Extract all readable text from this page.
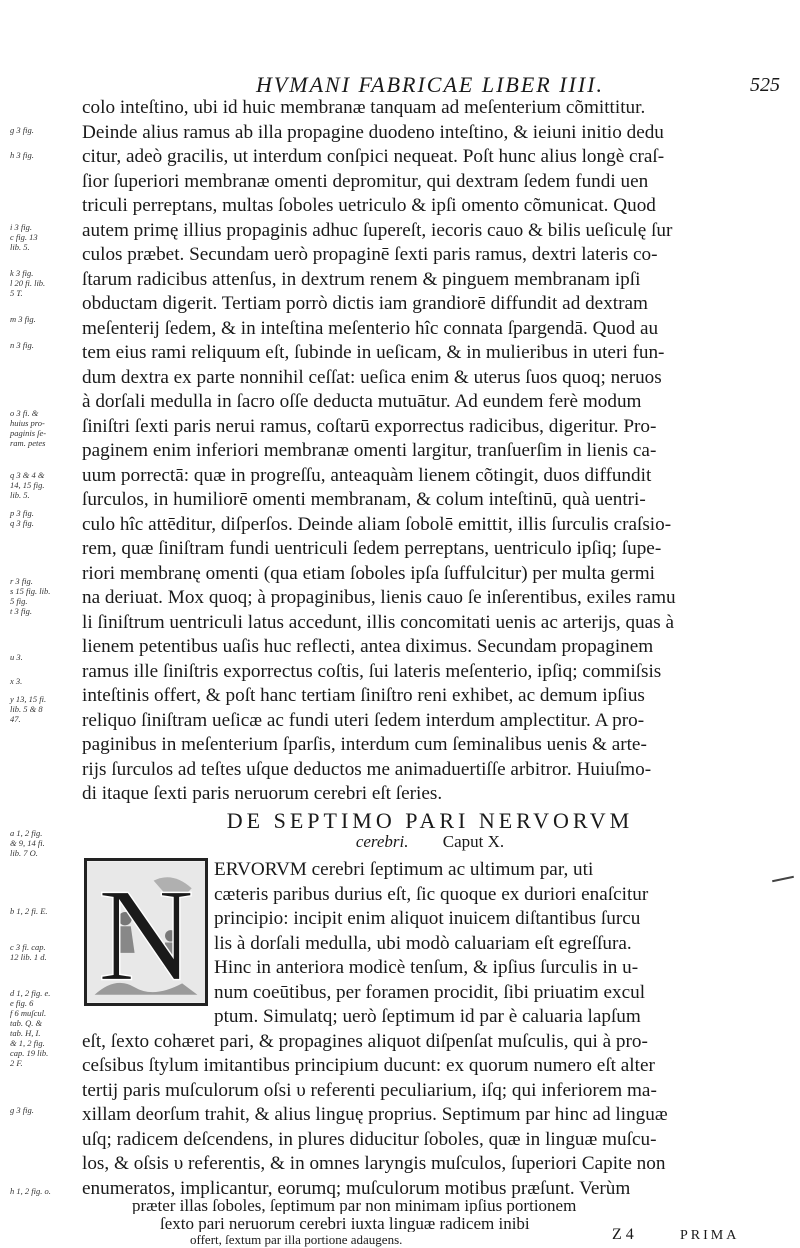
HVMANI FABRICAE LIBER IIII.	525
g 3 fig.
h 3 fig.
i 3 fig.
c fig. 13
lib. 5.
k 3 fig.
l 20 fi. lib.
5 T.
m 3 fig.
n 3 fig.
o 3 fi. &
huius pro-
paginis ſe-
ram. petes
q 3 & 4 &
14, 15 fig.
lib. 5.
p 3 fig.
q 3 fig.
r 3 fig.
s 15 fig. lib.
5 fig.
t 3 fig.
u 3.
x 3.
y 13, 15 fi.
lib. 5 & 8
47.
a 1, 2 fig.
& 9, 14 fi.
lib. 7 O.
b 1, 2 fi. E.
c 3 fi. cap.
12 lib. 1 d.
d 1, 2 fig. e.
e fig. 6
f 6 muſcul.
tab. Q. &
tab. H, I.
& 1, 2 fig.
cap. 19 lib.
2 F.
g 3 fig.
h 1, 2 fig. o.
colo inteſtino, ubi id huic membranæ tanquam ad meſenterium cõmittitur.
Deinde alius ramus ab illa propagine duodeno inteſtino, & ieiuni initio dedu
citur, adeò gracilis, ut interdum conſpici nequeat. Poſt hunc alius longè craſ-
ſior ſuperiori membranæ omenti depromitur, qui dextram ſedem fundi uen
triculi perreptans, multas ſoboles uetriculo & ipſi omento cõmunicat. Quod
autem primę illius propaginis adhuc ſupereſt, iecoris cauo & bilis ueſiculę ſur
culos præbet. Secundam uerò propaginē ſexti paris ramus, dextri lateris co-
ſtarum radicibus attenſus, in dextrum renem & pinguem membranam ipſi
obductam digerit. Tertiam porrò dictis iam grandiorē diffundit ad dextram
meſenterij ſedem, & in inteſtina meſenterio hîc connata ſpargendā. Quod au
tem eius rami reliquum eſt, ſubinde in ueſicam, & in mulieribus in uteri fun-
dum dextra ex parte nonnihil ceſſat: ueſica enim & uterus ſuos quoq; neruos
à dorſali medulla in ſacro oſſe deducta mutuātur. Ad eundem ferè modum
ſiniſtri ſexti paris nerui ramus, coſtarū exporrectus radicibus, digeritur. Pro-
paginem enim inferiori membranæ omenti largitur, tranſuerſim in lienis ca-
uum porrectā: quæ in progreſſu, anteaquàm lienem cõtingit, duos diffundit
ſurculos, in humiliorē omenti membranam, & colum inteſtinū, quà uentri-
culo hîc attēditur, diſperſos. Deinde aliam ſobolē emittit, illis ſurculis craſsio-
rem, quæ ſiniſtram fundi uentriculi ſedem perreptans, uentriculo ipſiq; ſupe-
riori membranę omenti (qua etiam ſoboles ipſa ſuffulcitur) per multa germi
na deriuat. Mox quoq; à propaginibus, lienis cauo ſe inſerentibus, exiles ramu
li ſiniſtrum uentriculi latus accedunt, illis concomitati uenis ac arterijs, quas à
lienem petentibus uaſis huc reflecti, antea diximus. Secundam propaginem
ramus ille ſiniſtris exporrectus coſtis, ſui lateris meſenterio, ipſiq; commiſsis
inteſtinis offert, & poſt hanc tertiam ſiniſtro reni exhibet, ac demum ipſius
reliquo ſiniſtram ueſicæ ac fundi uteri ſedem interdum amplectitur. A pro-
paginibus in meſenterium ſparſis, interdum cum ſeminalibus uenis & arte-
rijs ſurculos ad teſtes uſque deductos me animaduertiſſe arbitror. Huiuſmo-
di itaque ſexti paris neruorum cerebri eſt ſeries.
DE SEPTIMO PARI NERVORVM
cerebri. Caput X.
N ERVORVM cerebri ſeptimum ac ultimum par, uti
cæteris paribus durius eſt, ſic quoque ex duriori enaſcitur
principio: incipit enim aliquot inuicem diſtantibus ſurcu
lis à dorſali medulla, ubi modò caluariam eſt egreſſura.
Hinc in anteriora modicè tenſum, & ipſius ſurculis in u-
num coeūtibus, per foramen procidit, ſibi priuatim excul
ptum. Simulatq; uerò ſeptimum id par è caluaria lapſum
eſt, ſexto cohæret pari, & propagines aliquot diſpenſat muſculis, qui à pro-
ceſsibus ſtylum imitantibus principium ducunt: ex quorum numero eſt alter
tertij paris muſculorum oſsi υ referenti peculiarium, iſq; qui inferiorem ma-
xillam deorſum trahit, & alius linguę proprius. Septimum par hinc ad linguæ
uſq; radicem deſcendens, in plures diducitur ſoboles, quæ in linguæ muſcu-
los, & oſsis υ referentis, & in omnes laryngis muſculos, ſuperiori Capite non
enumeratos, implicantur, eorumq; muſculorum motibus præſunt. Verùm
Z 4	PRIMA
præter illas ſoboles, ſeptimum par non minimam ipſius portionem
ſexto pari neruorum cerebri iuxta linguæ radicem inibi
offert, ſextum par illa portione adaugens.
